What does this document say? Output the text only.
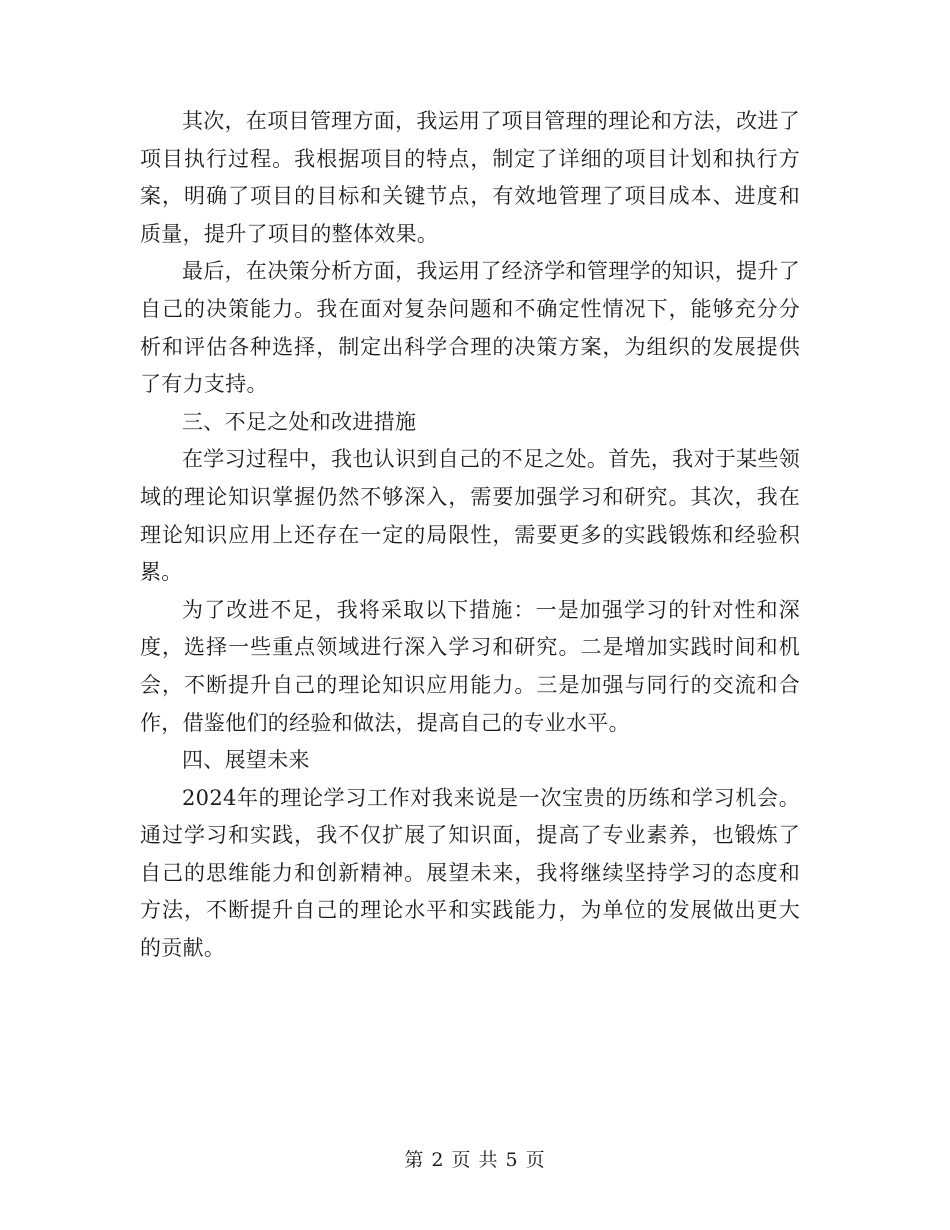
其次，在项目管理方面，我运用了项目管理的理论和方法，改进了项目执行过程。我根据项目的特点，制定了详细的项目计划和执行方案，明确了项目的目标和关键节点，有效地管理了项目成本、进度和质量，提升了项目的整体效果。

最后，在决策分析方面，我运用了经济学和管理学的知识，提升了自己的决策能力。我在面对复杂问题和不确定性情况下，能够充分分析和评估各种选择，制定出科学合理的决策方案，为组织的发展提供了有力支持。

三、不足之处和改进措施

在学习过程中，我也认识到自己的不足之处。首先，我对于某些领域的理论知识掌握仍然不够深入，需要加强学习和研究。其次，我在理论知识应用上还存在一定的局限性，需要更多的实践锻炼和经验积累。

为了改进不足，我将采取以下措施：一是加强学习的针对性和深度，选择一些重点领域进行深入学习和研究。二是增加实践时间和机会，不断提升自己的理论知识应用能力。三是加强与同行的交流和合作，借鉴他们的经验和做法，提高自己的专业水平。

四、展望未来

2024年的理论学习工作对我来说是一次宝贵的历练和学习机会。通过学习和实践，我不仅扩展了知识面，提高了专业素养，也锻炼了自己的思维能力和创新精神。展望未来，我将继续坚持学习的态度和方法，不断提升自己的理论水平和实践能力，为单位的发展做出更大的贡献。

第 2 页 共 5 页
